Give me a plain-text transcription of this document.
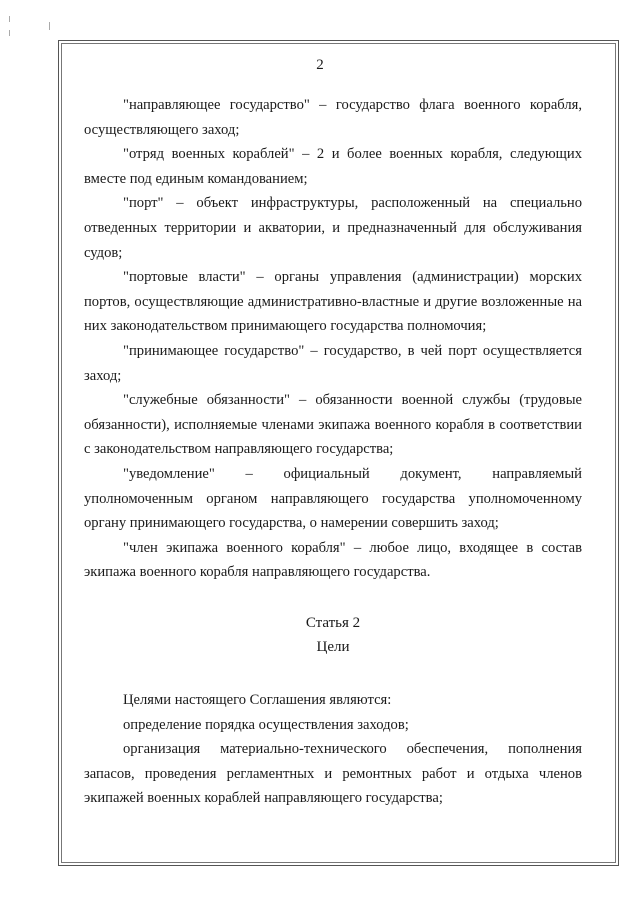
2

"направляющее государство" – государство флага военного корабля, осуществляющего заход;

"отряд военных кораблей" – 2 и более военных корабля, следующих вместе под единым командованием;

"порт" – объект инфраструктуры, расположенный на специально отведенных территории и акватории, и предназначенный для обслуживания судов;

"портовые власти" – органы управления (администрации) морских портов, осуществляющие административно-властные и другие возложенные на них законодательством принимающего государства полномочия;

"принимающее государство" – государство, в чей порт осуществляется заход;

"служебные обязанности" – обязанности военной службы (трудовые обязанности), исполняемые членами экипажа военного корабля в соответствии с законодательством направляющего государства;

"уведомление" – официальный документ, направляемый уполномоченным органом направляющего государства уполномоченному органу принимающего государства, о намерении совершить заход;

"член экипажа военного корабля" – любое лицо, входящее в состав экипажа военного корабля направляющего государства.

Статья 2

Цели

Целями настоящего Соглашения являются:

определение порядка осуществления заходов;

организация материально-технического обеспечения, пополнения запасов, проведения регламентных и ремонтных работ и отдыха членов экипажей военных кораблей направляющего государства;
